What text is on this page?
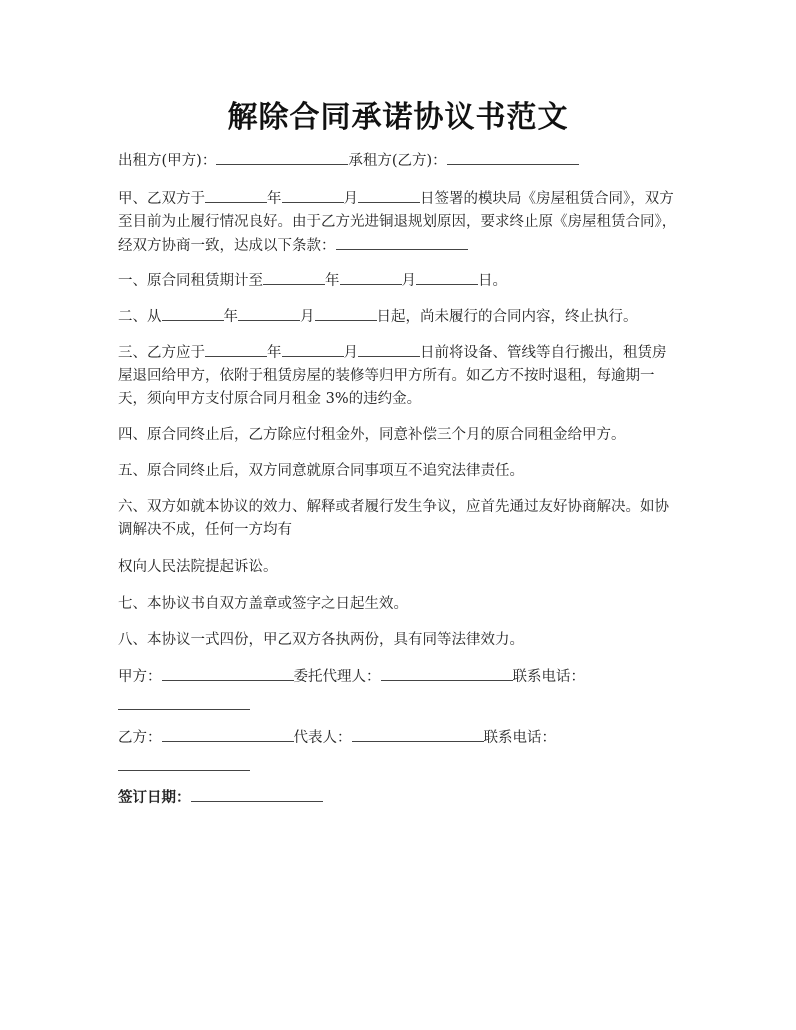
解除合同承诺协议书范文

出租方(甲方)：	承租方(乙方)：

甲、乙双方于	年	月	日签署的模块局《房屋租赁合同》，双方至目前为止履行情况良好。由于乙方光进铜退规划原因，要求终止原《房屋租赁合同》，经双方协商一致，达成以下条款：

一、原合同租赁期计至	年	月	日。

二、从	年	月	日起，尚未履行的合同内容，终止执行。

三、乙方应于	年	月	日前将设备、管线等自行搬出，租赁房屋退回给甲方，依附于租赁房屋的装修等归甲方所有。如乙方不按时退租，每逾期一天，须向甲方支付原合同月租金 3%的违约金。

四、原合同终止后，乙方除应付租金外，同意补偿三个月的原合同租金给甲方。

五、原合同终止后，双方同意就原合同事项互不追究法律责任。

六、双方如就本协议的效力、解释或者履行发生争议，应首先通过友好协商解决。如协调解决不成，任何一方均有

权向人民法院提起诉讼。

七、本协议书自双方盖章或签字之日起生效。

八、本协议一式四份，甲乙双方各执两份，具有同等法律效力。

甲方：	委托代理人：	联系电话：
乙方：	代表人：	联系电话：

签订日期：
